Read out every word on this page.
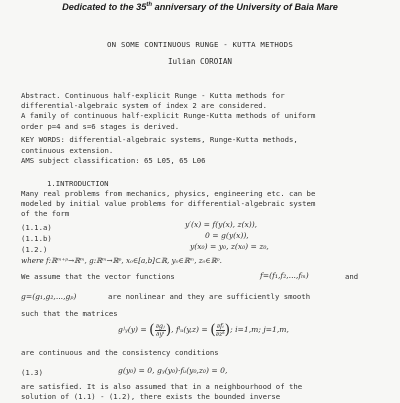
Dedicated to the 35th anniversary of the University of Baia Mare
ON SOME CONTINUOUS RUNGE - KUTTA METHODS
Iulian COROIAN
Abstract. Continuous half-explicit Runge - Kutta methods for
differential-algebraic system of index 2 are considered.
A family of continuous half-explicit Runge-Kutta methods of uniform
order p=4 and s=6 stages is derived.
KEY WORDS: differential-algebraic systems, Runge-Kutta methods,
continuous extension.
AMS subject classification: 65 L05, 65 L06
1.INTRODUCTION
Many real problems from mechanics, physics, engineering etc. can be
modeled by initial value problems for differential-algebraic system
of the form
(1.1.a)
(1.1.b)
(1.2.)
y′(x) = f(y(x), z(x)),
0 = g(y(x)),
y(x₀) = y₀, z(x₀) = z₀,
where f:ℝᵐ⁺ᵖ→ℝᵐ, g:ℝᵐ→ℝᵖ, x₀∈[a,b]⊂ℝ, y₀∈ℝᵐ, z₀∈ℝᵖ.
We assume that the vector functions	f=(f₁,f₂,...,fₘ)	and
g=(g₁,g₂,...,gₚ)	are nonlinear and they are sufficiently smooth
such that the matrices
gʲᵧ(y) = ( $\frac{\text{∂gⱼ}}{\text{∂yⁱ}}$ ), fⁱᵤ(y,z) = ( $\frac{\text{∂fᵢ}}{\text{∂zᵏ}}$ ); i=1,m; j=1,m,
are continuous and the consistency conditions
(1.3)	g(y₀) = 0, gᵧ(y₀)·fᵤ(y₀,z₀) = 0,
are satisfied. It is also assumed that in a neighbourhood of the
solution of (1.1) - (1.2), there exists the bounded inverse
